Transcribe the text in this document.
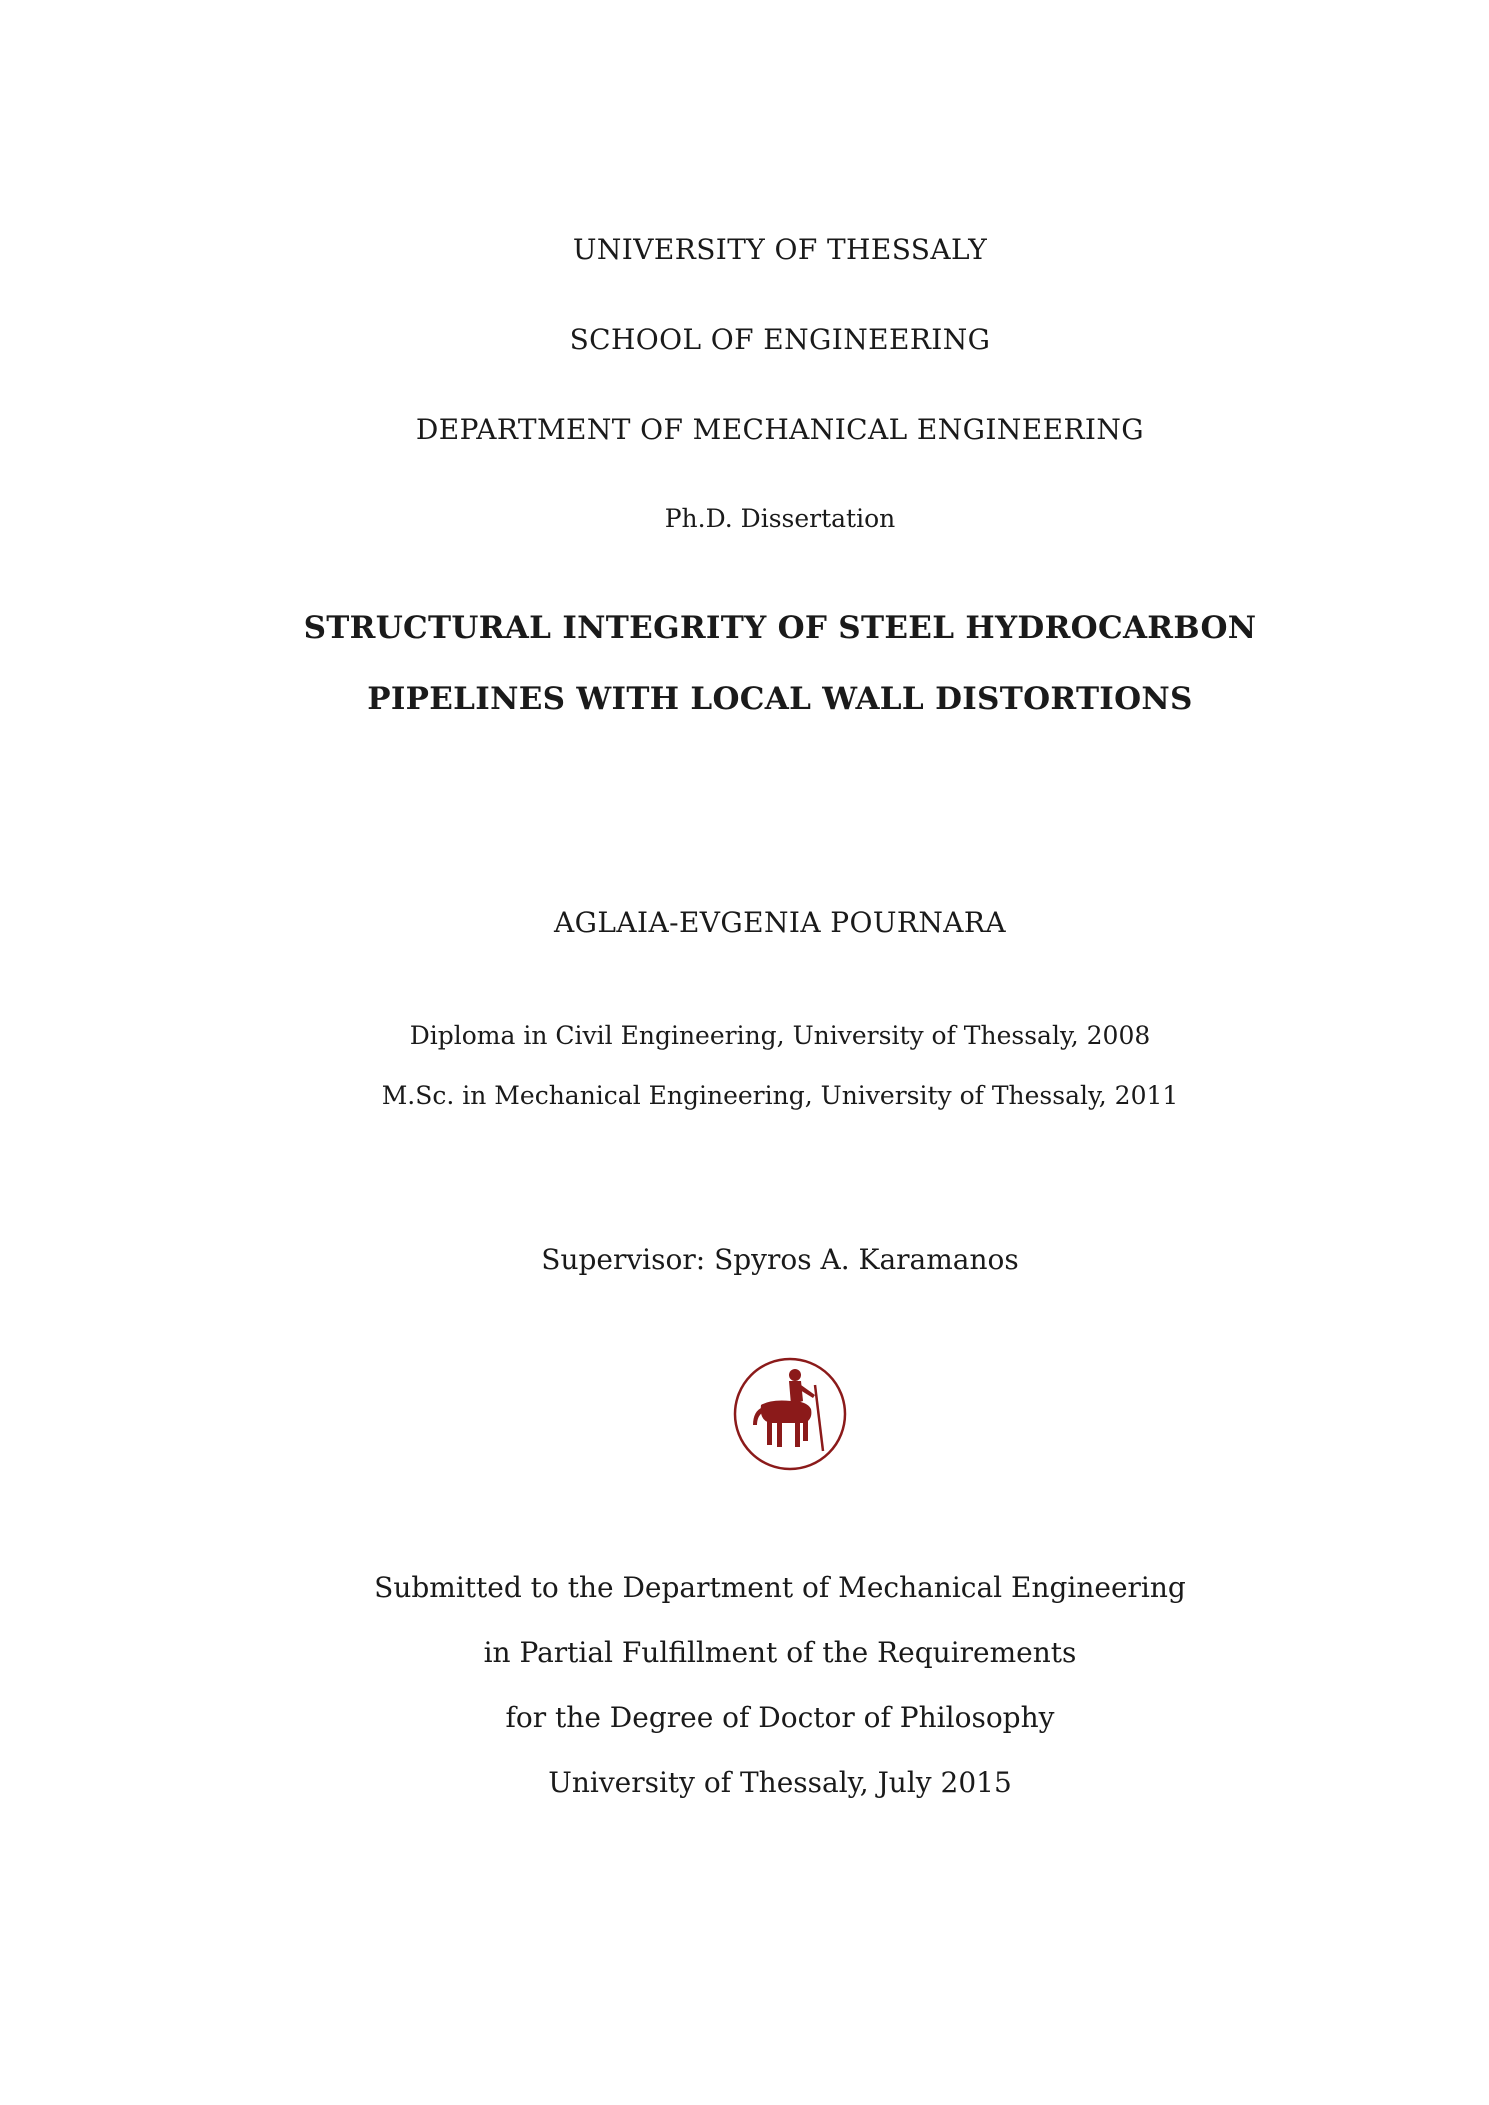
UNIVERSITY OF THESSALY
SCHOOL OF ENGINEERING
DEPARTMENT OF MECHANICAL ENGINEERING
Ph.D. Dissertation
STRUCTURAL INTEGRITY OF STEEL HYDROCARBON
PIPELINES WITH LOCAL WALL DISTORTIONS
AGLAIA-EVGENIA POURNARA
Diploma in Civil Engineering, University of Thessaly, 2008
M.Sc. in Mechanical Engineering, University of Thessaly, 2011
Supervisor: Spyros A. Karamanos
Submitted to the Department of Mechanical Engineering
in Partial Fulfillment of the Requirements
for the Degree of Doctor of Philosophy
University of Thessaly, July 2015
